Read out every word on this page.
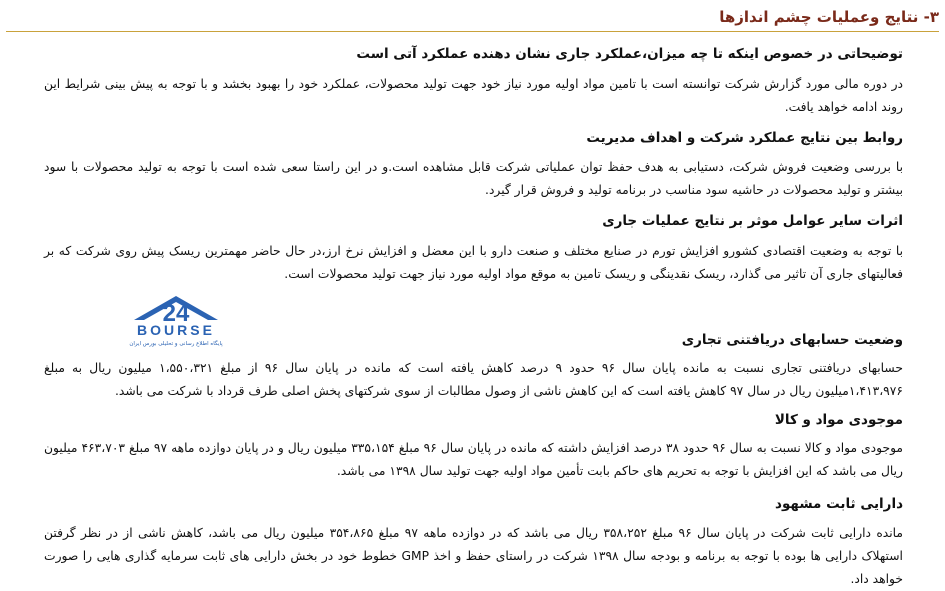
۳- نتایج وعملیات چشم اندازها
توضیحاتی در خصوص اینکه تا چه میزان،عملکرد جاری نشان دهنده عملکرد آتی است

در دوره مالی مورد گزارش شرکت توانسته است با تامین مواد اولیه مورد نیاز خود جهت تولید محصولات، عملکرد خود را بهبود بخشد و با توجه به پیش بینی شرایط این روند ادامه خواهد یافت.

روابط بین نتایج عملکرد شرکت و اهداف مدیریت

با بررسی وضعیت فروش شرکت، دستیابی به هدف حفظ توان عملیاتی شرکت قابل مشاهده است.و در این راستا سعی شده است با توجه به تولید محصولات با سود بیشتر و تولید محصولات در حاشیه سود مناسب در برنامه تولید و فروش قرار گیرد.

اثرات سایر عوامل موثر بر نتایج عملیات جاری

با توجه به وضعیت اقتصادی کشورو افزایش تورم در صنایع مختلف و صنعت دارو با این معضل و افزایش نرخ ارز،در حال حاضر مهمترین ریسک پیش روی شرکت که بر فعالیتهای جاری آن تاثیر می گذارد، ریسک نقدینگی و ریسک تامین به موقع مواد اولیه مورد نیاز جهت تولید محصولات است.

24
BOURSE
پایگاه اطلاع رسانی و تحلیلی بورس ایران	وضعیت حسابهای دریافتنی تجاری

حسابهای دریافتنی تجاری نسبت به مانده پایان سال ۹۶ حدود ۹ درصد کاهش یافته است که مانده در پایان سال ۹۶ از مبلغ ۱،۵۵۰،۳۲۱ میلیون ریال به مبلغ ۱،۴۱۳،۹۷۶میلیون ریال در سال ۹۷ کاهش یافته است که این کاهش ناشی از وصول مطالبات از سوی شرکتهای پخش اصلی طرف قرداد با شرکت می باشد.

موجودی مواد و کالا

موجودی مواد و کالا نسبت به سال ۹۶ حدود ۳۸ درصد افزایش داشته که مانده در پایان سال ۹۶ مبلغ ۳۳۵،۱۵۴ میلیون ریال و در پایان دوازده ماهه ۹۷ مبلغ ۴۶۳،۷۰۳ میلیون ریال می باشد که این افزایش با توجه به تحریم های حاکم بابت تأمین مواد اولیه جهت تولید سال ۱۳۹۸ می باشد.

دارایی ثابت مشهود

مانده دارایی ثابت شرکت در پایان سال ۹۶ مبلغ ۳۵۸،۲۵۲ ریال می باشد که در دوازده ماهه ۹۷ مبلغ ۳۵۴،۸۶۵ میلیون ریال می باشد، کاهش ناشی از در نظر گرفتن استهلاک دارایی ها بوده با توجه به برنامه و بودجه سال ۱۳۹۸ شرکت در راستای حفظ و اخذ GMP خطوط خود در بخش دارایی های ثابت سرمایه گذاری هایی را صورت خواهد داد.
